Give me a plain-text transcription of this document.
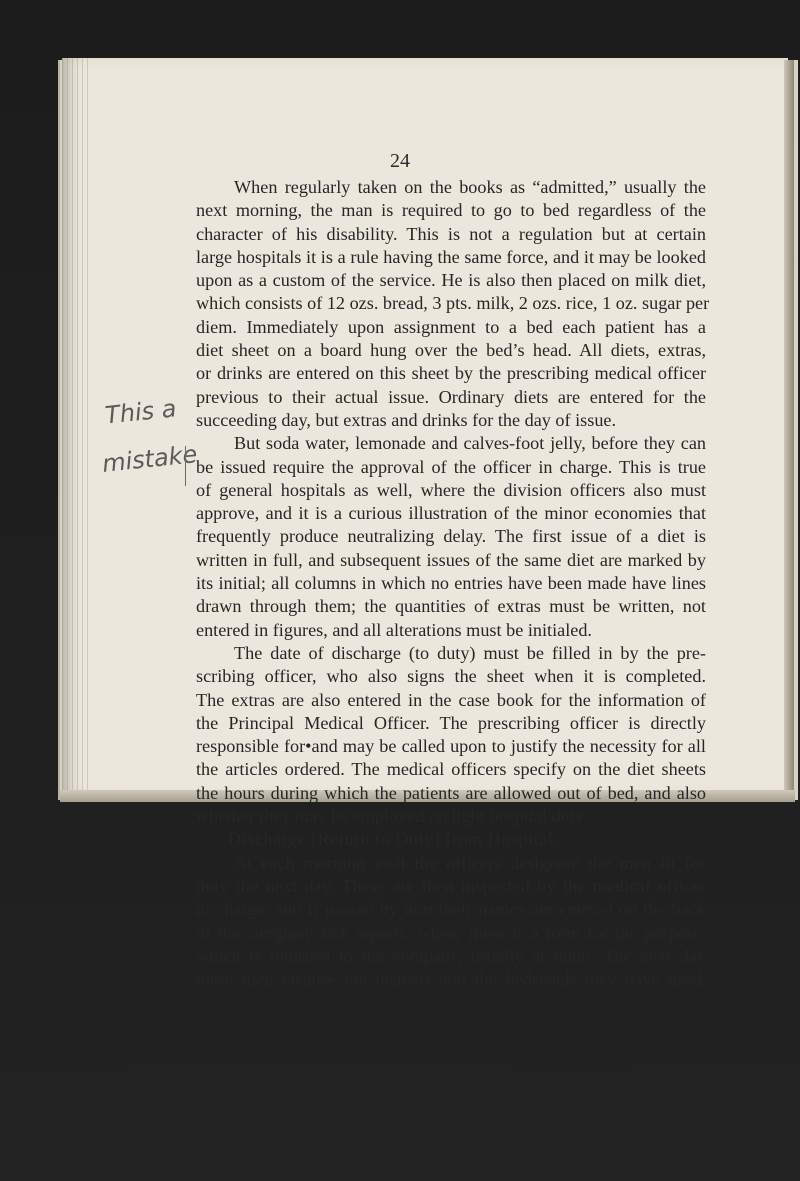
24
This a
mistake
When regularly taken on the books as “admitted,” usually the
next morning, the man is required to go to bed regardless of the
character of his disability. This is not a regulation but at certain
large hospitals it is a rule having the same force, and it may be looked
upon as a custom of the service. He is also then placed on milk diet,
which consists of 12 ozs. bread, 3 pts. milk, 2 ozs. rice, 1 oz. sugar per
diem. Immediately upon assignment to a bed each patient has a
diet sheet on a board hung over the bed’s head. All diets, extras,
or drinks are entered on this sheet by the prescribing medical officer
previous to their actual issue. Ordinary diets are entered for the
succeeding day, but extras and drinks for the day of issue.
But soda water, lemonade and calves-foot jelly, before they can
be issued require the approval of the officer in charge. This is true
of general hospitals as well, where the division officers also must
approve, and it is a curious illustration of the minor economies that
frequently produce neutralizing delay. The first issue of a diet is
written in full, and subsequent issues of the same diet are marked by
its initial; all columns in which no entries have been made have lines
drawn through them; the quantities of extras must be written, not
entered in figures, and all alterations must be initialed.
The date of discharge (to duty) must be filled in by the pre-
scribing officer, who also signs the sheet when it is completed.
The extras are also entered in the case book for the information of
the Principal Medical Officer. The prescribing officer is directly
responsible for•and may be called upon to justify the necessity for all
the articles ordered. The medical officers specify on the diet sheets
the hours during which the patients are allowed out of bed, and also
whether they may be employed on light hospital duty.
Discharge [Return to Duty] from Hospital.
At each morning visit the officers designate the men fit for
duty the next day. These are then inspected by the medical officer
in charge, and if passed by him their names are entered on the back
of the company sick reports, where there is a form for the purpose,
which is returned to the company, usually at noon. The next day
these men cleanse the utensils and the bedsteads they have used,
